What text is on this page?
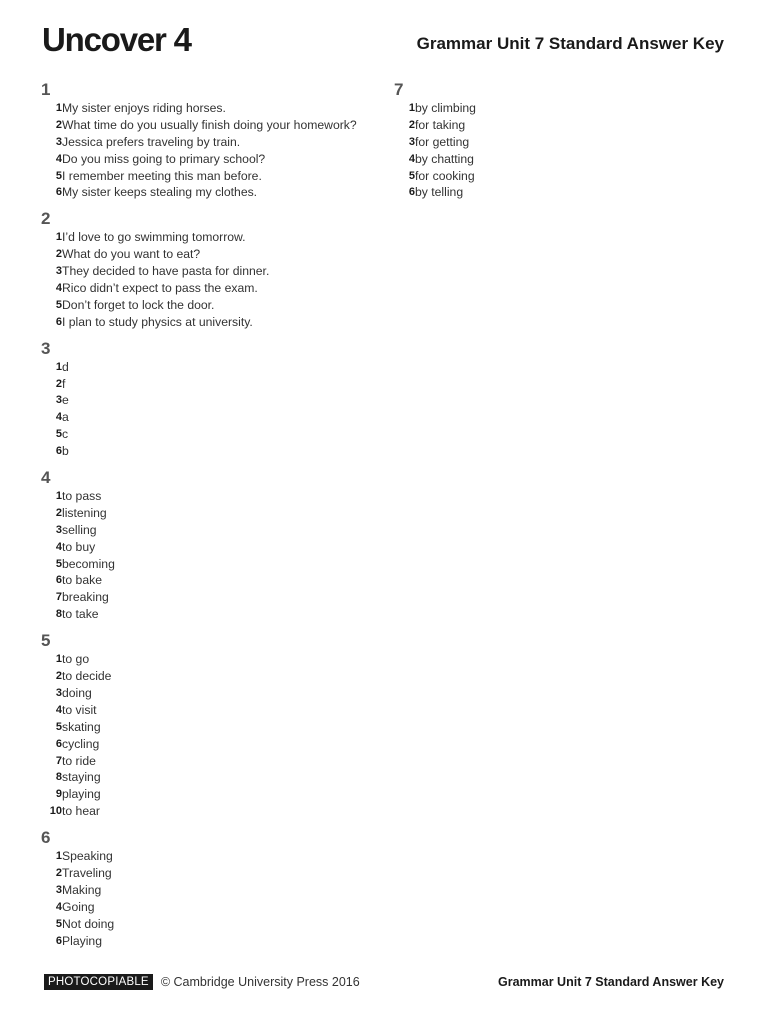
Uncover 4	Grammar Unit 7 Standard Answer Key
1
1 My sister enjoys riding horses.
2 What time do you usually finish doing your homework?
3 Jessica prefers traveling by train.
4 Do you miss going to primary school?
5 I remember meeting this man before.
6 My sister keeps stealing my clothes.
2
1 I’d love to go swimming tomorrow.
2 What do you want to eat?
3 They decided to have pasta for dinner.
4 Rico didn’t expect to pass the exam.
5 Don’t forget to lock the door.
6 I plan to study physics at university.
3
1 d
2 f
3 e
4 a
5 c
6 b
4
1 to pass
2 listening
3 selling
4 to buy
5 becoming
6 to bake
7 breaking
8 to take
5
1 to go
2 to decide
3 doing
4 to visit
5 skating
6 cycling
7 to ride
8 staying
9 playing
10 to hear
6
1 Speaking
2 Traveling
3 Making
4 Going
5 Not doing
6 Playing
7
1 by climbing
2 for taking
3 for getting
4 by chatting
5 for cooking
6 by telling
PHOTOCOPIABLE © Cambridge University Press 2016	Grammar Unit 7 Standard Answer Key
